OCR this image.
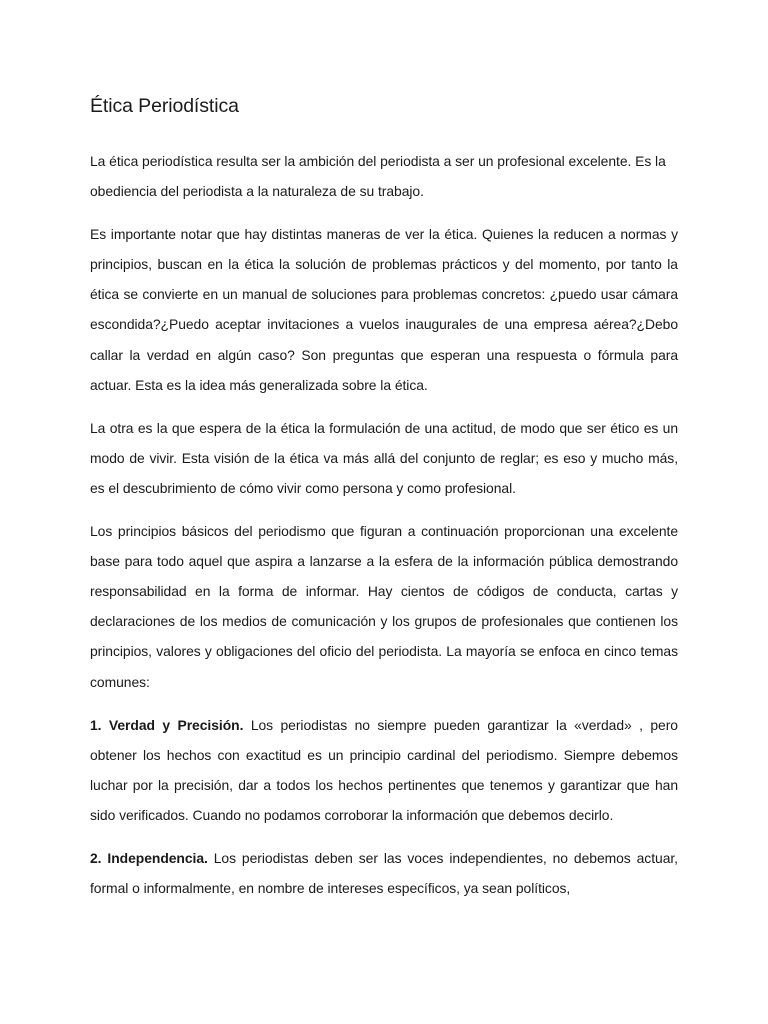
Ética Periodística

La ética periodística resulta ser la ambición del periodista a ser un profesional excelente. Es la obediencia del periodista a la naturaleza de su trabajo.

Es importante notar que hay distintas maneras de ver la ética. Quienes la reducen a normas y principios, buscan en la ética la solución de problemas prácticos y del momento, por tanto la ética se convierte en un manual de soluciones para problemas concretos: ¿puedo usar cámara escondida?¿Puedo aceptar invitaciones a vuelos inaugurales de una empresa aérea?¿Debo callar la verdad en algún caso? Son preguntas que esperan una respuesta o fórmula para actuar. Esta es la idea más generalizada sobre la ética.

La otra es la que espera de la ética la formulación de una actitud, de modo que ser ético es un modo de vivir. Esta visión de la ética va más allá del conjunto de reglar; es eso y mucho más, es el descubrimiento de cómo vivir como persona y como profesional.

Los principios básicos del periodismo que figuran a continuación proporcionan una excelente base para todo aquel que aspira a lanzarse a la esfera de la información pública demostrando responsabilidad en la forma de informar. Hay cientos de códigos de conducta, cartas y declaraciones de los medios de comunicación y los grupos de profesionales que contienen los principios, valores y obligaciones del oficio del periodista. La mayoría se enfoca en cinco temas comunes:

1. Verdad y Precisión. Los periodistas no siempre pueden garantizar la «verdad» , pero obtener los hechos con exactitud es un principio cardinal del periodismo. Siempre debemos luchar por la precisión, dar a todos los hechos pertinentes que tenemos y garantizar que han sido verificados. Cuando no podamos corroborar la información que debemos decirlo.

2. Independencia. Los periodistas deben ser las voces independientes, no debemos actuar, formal o informalmente, en nombre de intereses específicos, ya sean políticos,
